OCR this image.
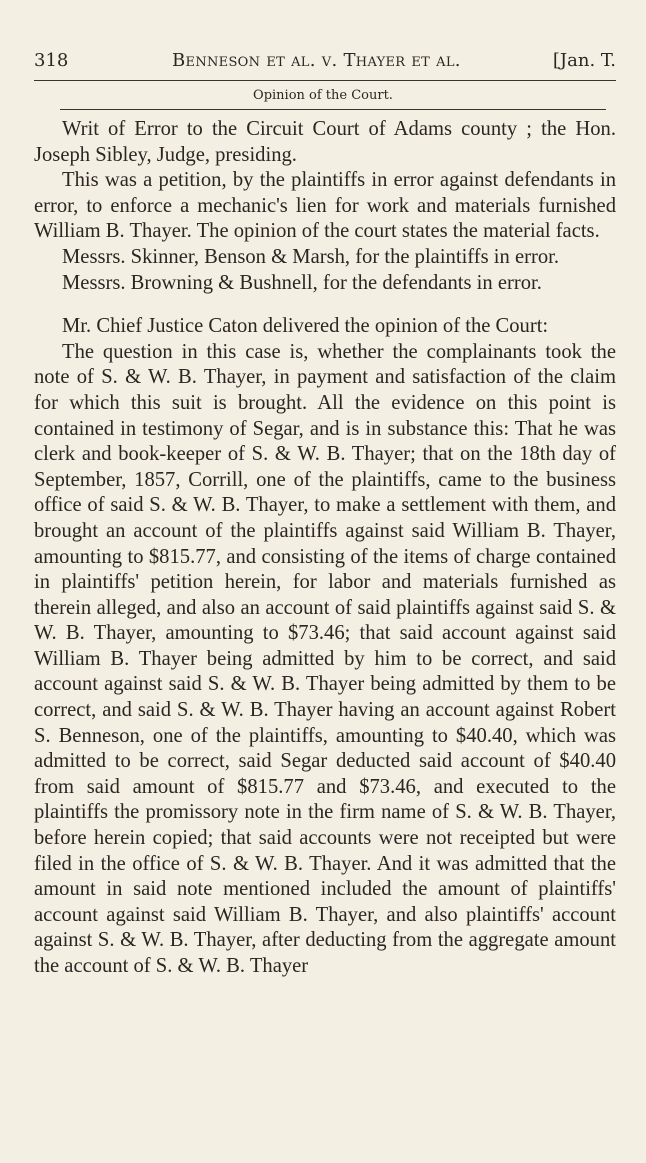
318	Benneson et al. v. Thayer et al.	[Jan. T.
Opinion of the Court.

Writ of Error to the Circuit Court of Adams county ; the Hon. Joseph Sibley, Judge, presiding.

This was a petition, by the plaintiffs in error against defendants in error, to enforce a mechanic's lien for work and materials furnished William B. Thayer. The opinion of the court states the material facts.

Messrs. Skinner, Benson & Marsh, for the plaintiffs in error.

Messrs. Browning & Bushnell, for the defendants in error.

Mr. Chief Justice Caton delivered the opinion of the Court:

The question in this case is, whether the complainants took the note of S. & W. B. Thayer, in payment and satisfaction of the claim for which this suit is brought. All the evidence on this point is contained in testimony of Segar, and is in substance this: That he was clerk and book-keeper of S. & W. B. Thayer; that on the 18th day of September, 1857, Corrill, one of the plaintiffs, came to the business office of said S. & W. B. Thayer, to make a settlement with them, and brought an account of the plaintiffs against said William B. Thayer, amounting to $815.77, and consisting of the items of charge contained in plaintiffs' petition herein, for labor and materials furnished as therein alleged, and also an account of said plaintiffs against said S. & W. B. Thayer, amounting to $73.46; that said account against said William B. Thayer being admitted by him to be correct, and said account against said S. & W. B. Thayer being admitted by them to be correct, and said S. & W. B. Thayer having an account against Robert S. Benneson, one of the plaintiffs, amounting to $40.40, which was admitted to be correct, said Segar deducted said account of $40.40 from said amount of $815.77 and $73.46, and executed to the plaintiffs the promissory note in the firm name of S. & W. B. Thayer, before herein copied; that said accounts were not receipted but were filed in the office of S. & W. B. Thayer. And it was admitted that the amount in said note mentioned included the amount of plaintiffs' account against said William B. Thayer, and also plaintiffs' account against S. & W. B. Thayer, after deducting from the aggregate amount the account of S. & W. B. Thayer
